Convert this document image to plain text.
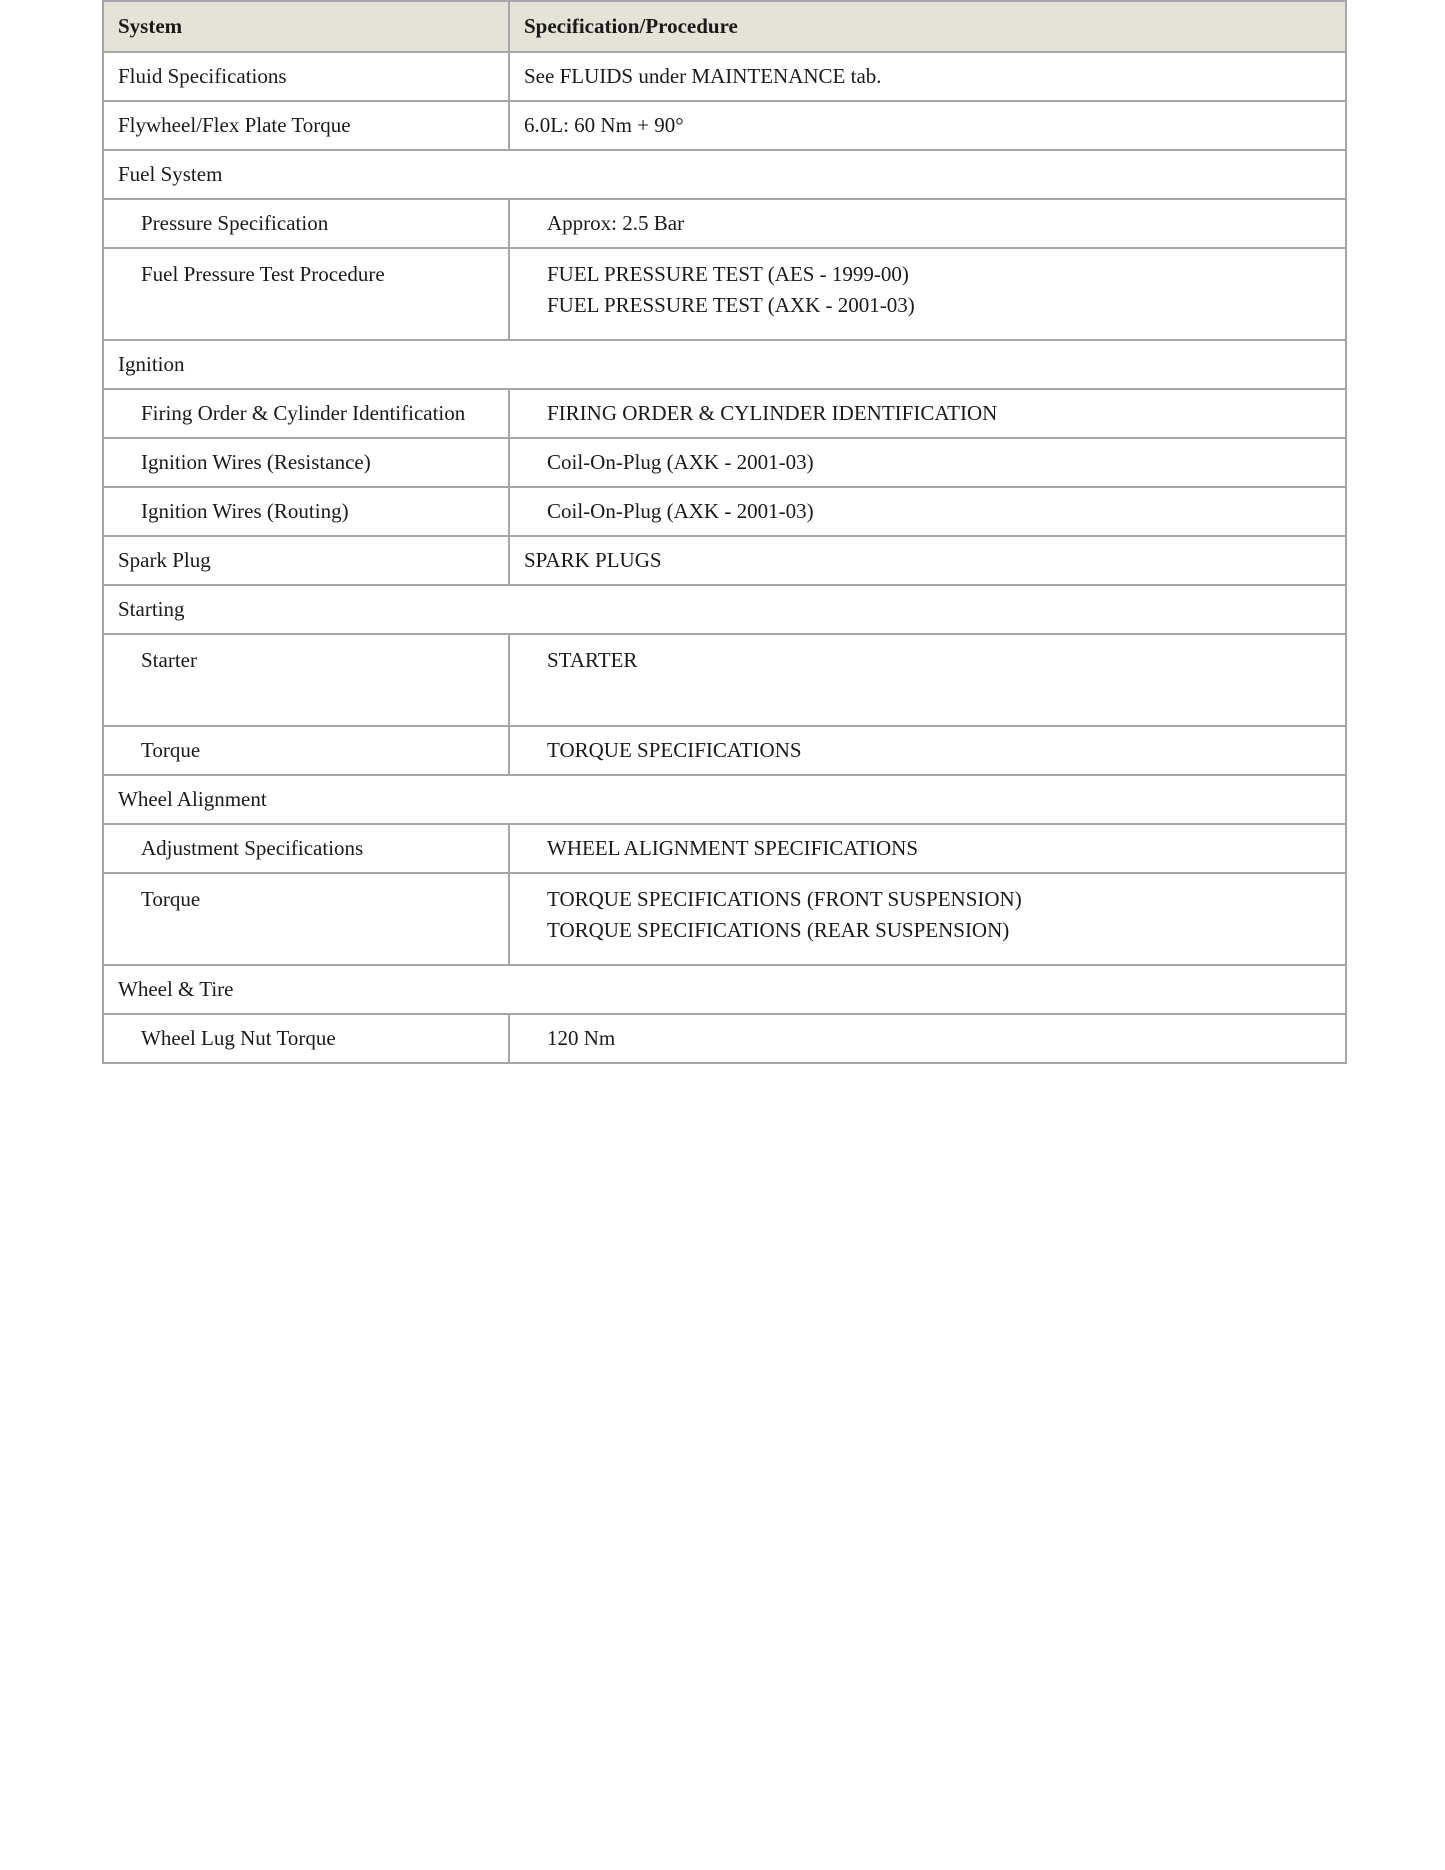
System	Specification/Procedure
Fluid Specifications	See FLUIDS under MAINTENANCE tab.
Flywheel/Flex Plate Torque	6.0L: 60 Nm + 90°
Fuel System	
Pressure Specification	Approx: 2.5 Bar
Fuel Pressure Test Procedure	FUEL PRESSURE TEST (AES - 1999-00)
FUEL PRESSURE TEST (AXK - 2001-03)

Ignition	
Firing Order & Cylinder Identification	FIRING ORDER & CYLINDER IDENTIFICATION
Ignition Wires (Resistance)	Coil-On-Plug (AXK - 2001-03)
Ignition Wires (Routing)	Coil-On-Plug (AXK - 2001-03)
Spark Plug	SPARK PLUGS
Starting	
Starter	STARTER
Torque	TORQUE SPECIFICATIONS
Wheel Alignment	
Adjustment Specifications	WHEEL ALIGNMENT SPECIFICATIONS
Torque	TORQUE SPECIFICATIONS (FRONT SUSPENSION)
TORQUE SPECIFICATIONS (REAR SUSPENSION)

Wheel & Tire	
Wheel Lug Nut Torque	120 Nm
